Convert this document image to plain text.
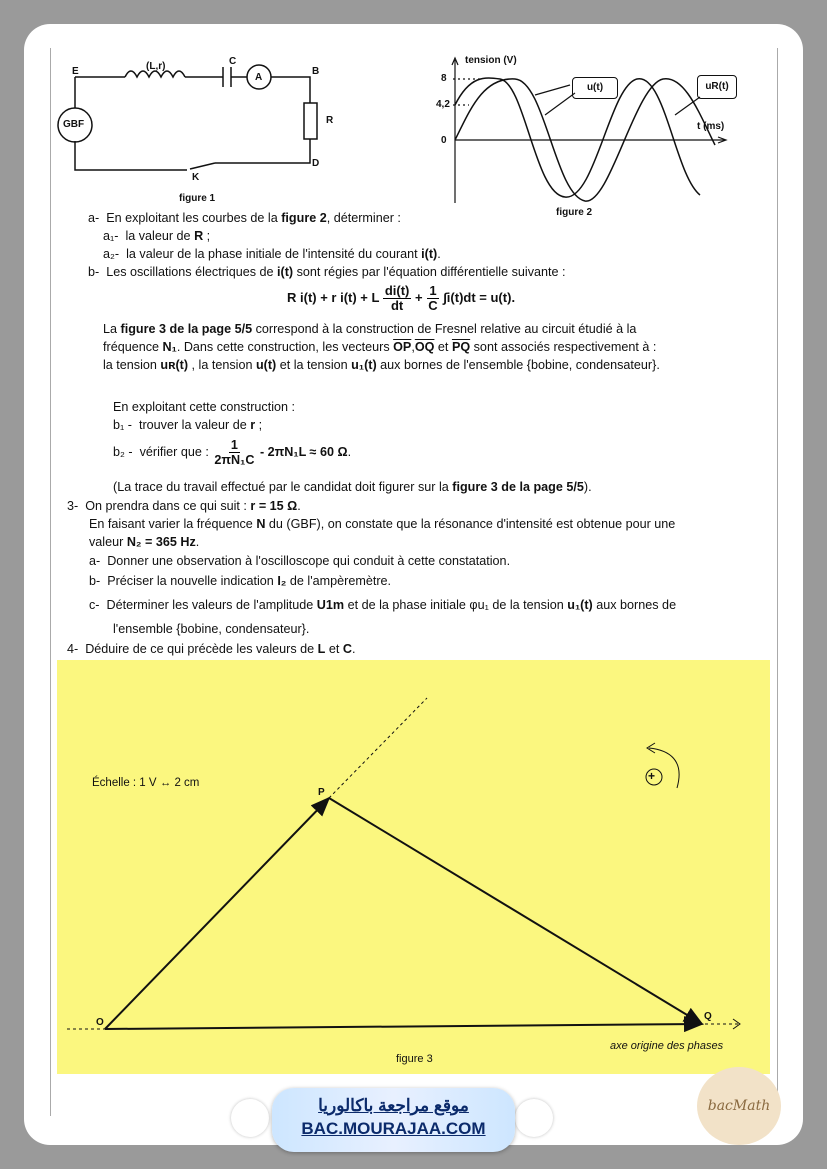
E	(L,r)	C
A
B
R
GBF
D
K
figure 1
tension (V)
8
4,2
0
t (ms)
u(t)	uR(t)
figure 2
a- En exploitant les courbes de la figure 2, déterminer :
a₁- la valeur de R ;
a₂- la valeur de la phase initiale de l'intensité du courant i(t).
b- Les oscillations électriques de i(t) sont régies par l'équation différentielle suivante :
R i(t) + r i(t) + L $\frac{di(t)}{dt} + \frac{1}{C} \int i(t)dt = u(t)$.
La figure 3 de la page 5/5 correspond à la construction de Fresnel relative au circuit étudié à la
fréquence N₁. Dans cette construction, les vecteurs $\overline{OP},\overline{OQ}$ et $\overline{PQ}$ sont associés respectivement à :
la tension uʀ(t) , la tension u(t) et la tension u₁(t) aux bornes de l'ensemble {bobine, condensateur}.
En exploitant cette construction :
b₁ - trouver la valeur de r ;
b₂ - vérifier que : $\frac{1}{\text{2πN₁C}} - 2\pi N_1L \approx 60$ Ω.
(La trace du travail effectué par le candidat doit figurer sur la figure 3 de la page 5/5).
3- On prendra dans ce qui suit : r = 15 Ω.
En faisant varier la fréquence N du (GBF), on constate que la résonance d'intensité est obtenue pour une
valeur N₂ = 365 Hz.
a- Donner une observation à l'oscilloscope qui conduit à cette constatation.
b- Préciser la nouvelle indication I₂ de l'ampèremètre.
c- Déterminer les valeurs de l'amplitude U1m et de la phase initiale φu₁ de la tension u₁(t) aux bornes de
l'ensemble {bobine, condensateur}.
4- Déduire de ce qui précède les valeurs de L et C.
+
Échelle : 1 V ↔ 2 cm
P
O
Q
axe origine des phases
figure 3
موقع مراجعة باكالوريا
BAC.MOURAJAA.COM
bacMath
